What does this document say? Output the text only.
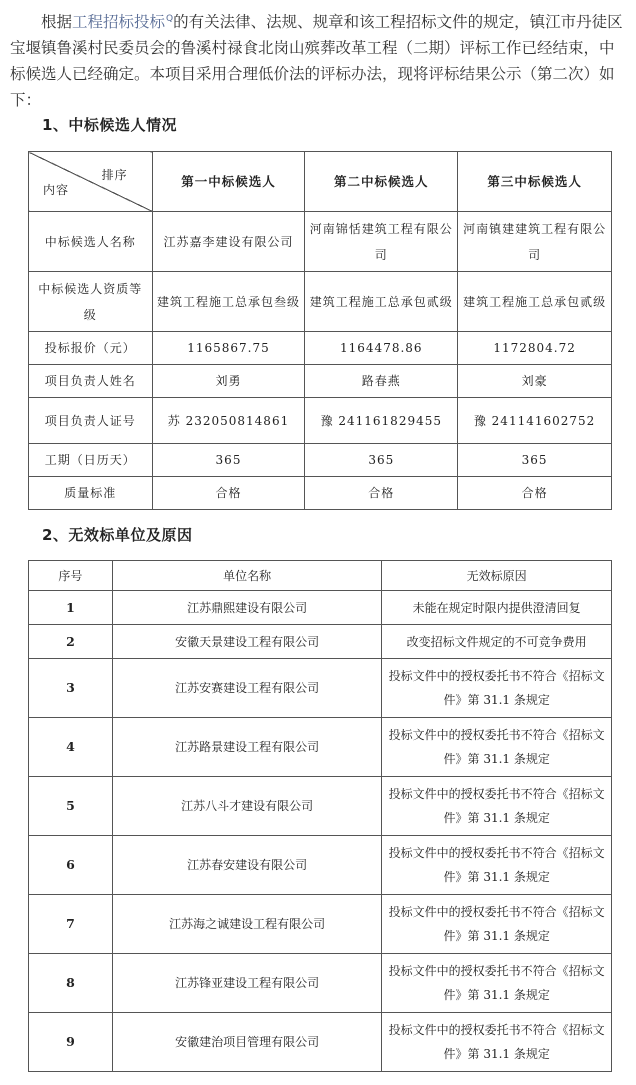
根据工程招标投标$^Q$的有关法律、法规、规章和该工程招标文件的规定，镇江市丹徒区宝堰镇鲁溪村民委员会的鲁溪村禄食北岗山殡葬改革工程（二期）评标工作已经结束，中标候选人已经确定。本项目采用合理低价法的评标办法，现将评标结果公示（第二次）如下：

1、中标候选人情况
排序
内容	第一中标候选人	第二中标候选人	第三中标候选人
中标候选人名称	江苏嘉李建设有限公司	河南锦恬建筑工程有限公司	河南镇建建筑工程有限公司
中标候选人资质等级	建筑工程施工总承包叁级	建筑工程施工总承包贰级	建筑工程施工总承包贰级
投标报价（元）	1165867.75	1164478.86	1172804.72
项目负责人姓名	刘勇	路春燕	刘豪
项目负责人证号	苏 232050814861	豫 241161829455	豫 241141602752
工期（日历天）	365	365	365
质量标准	合格	合格	合格
2、无效标单位及原因
序号	单位名称	无效标原因
1	江苏鼎熙建设有限公司	未能在规定时限内提供澄清回复
2	安徽天景建设工程有限公司	改变招标文件规定的不可竞争费用
3	江苏安赛建设工程有限公司	投标文件中的授权委托书不符合《招标文件》第 31.1 条规定
4	江苏路景建设工程有限公司	投标文件中的授权委托书不符合《招标文件》第 31.1 条规定
5	江苏八斗才建设有限公司	投标文件中的授权委托书不符合《招标文件》第 31.1 条规定
6	江苏春安建设有限公司	投标文件中的授权委托书不符合《招标文件》第 31.1 条规定
7	江苏海之诚建设工程有限公司	投标文件中的授权委托书不符合《招标文件》第 31.1 条规定
8	江苏锋亚建设工程有限公司	投标文件中的授权委托书不符合《招标文件》第 31.1 条规定
9	安徽建治项目管理有限公司	投标文件中的授权委托书不符合《招标文件》第 31.1 条规定
